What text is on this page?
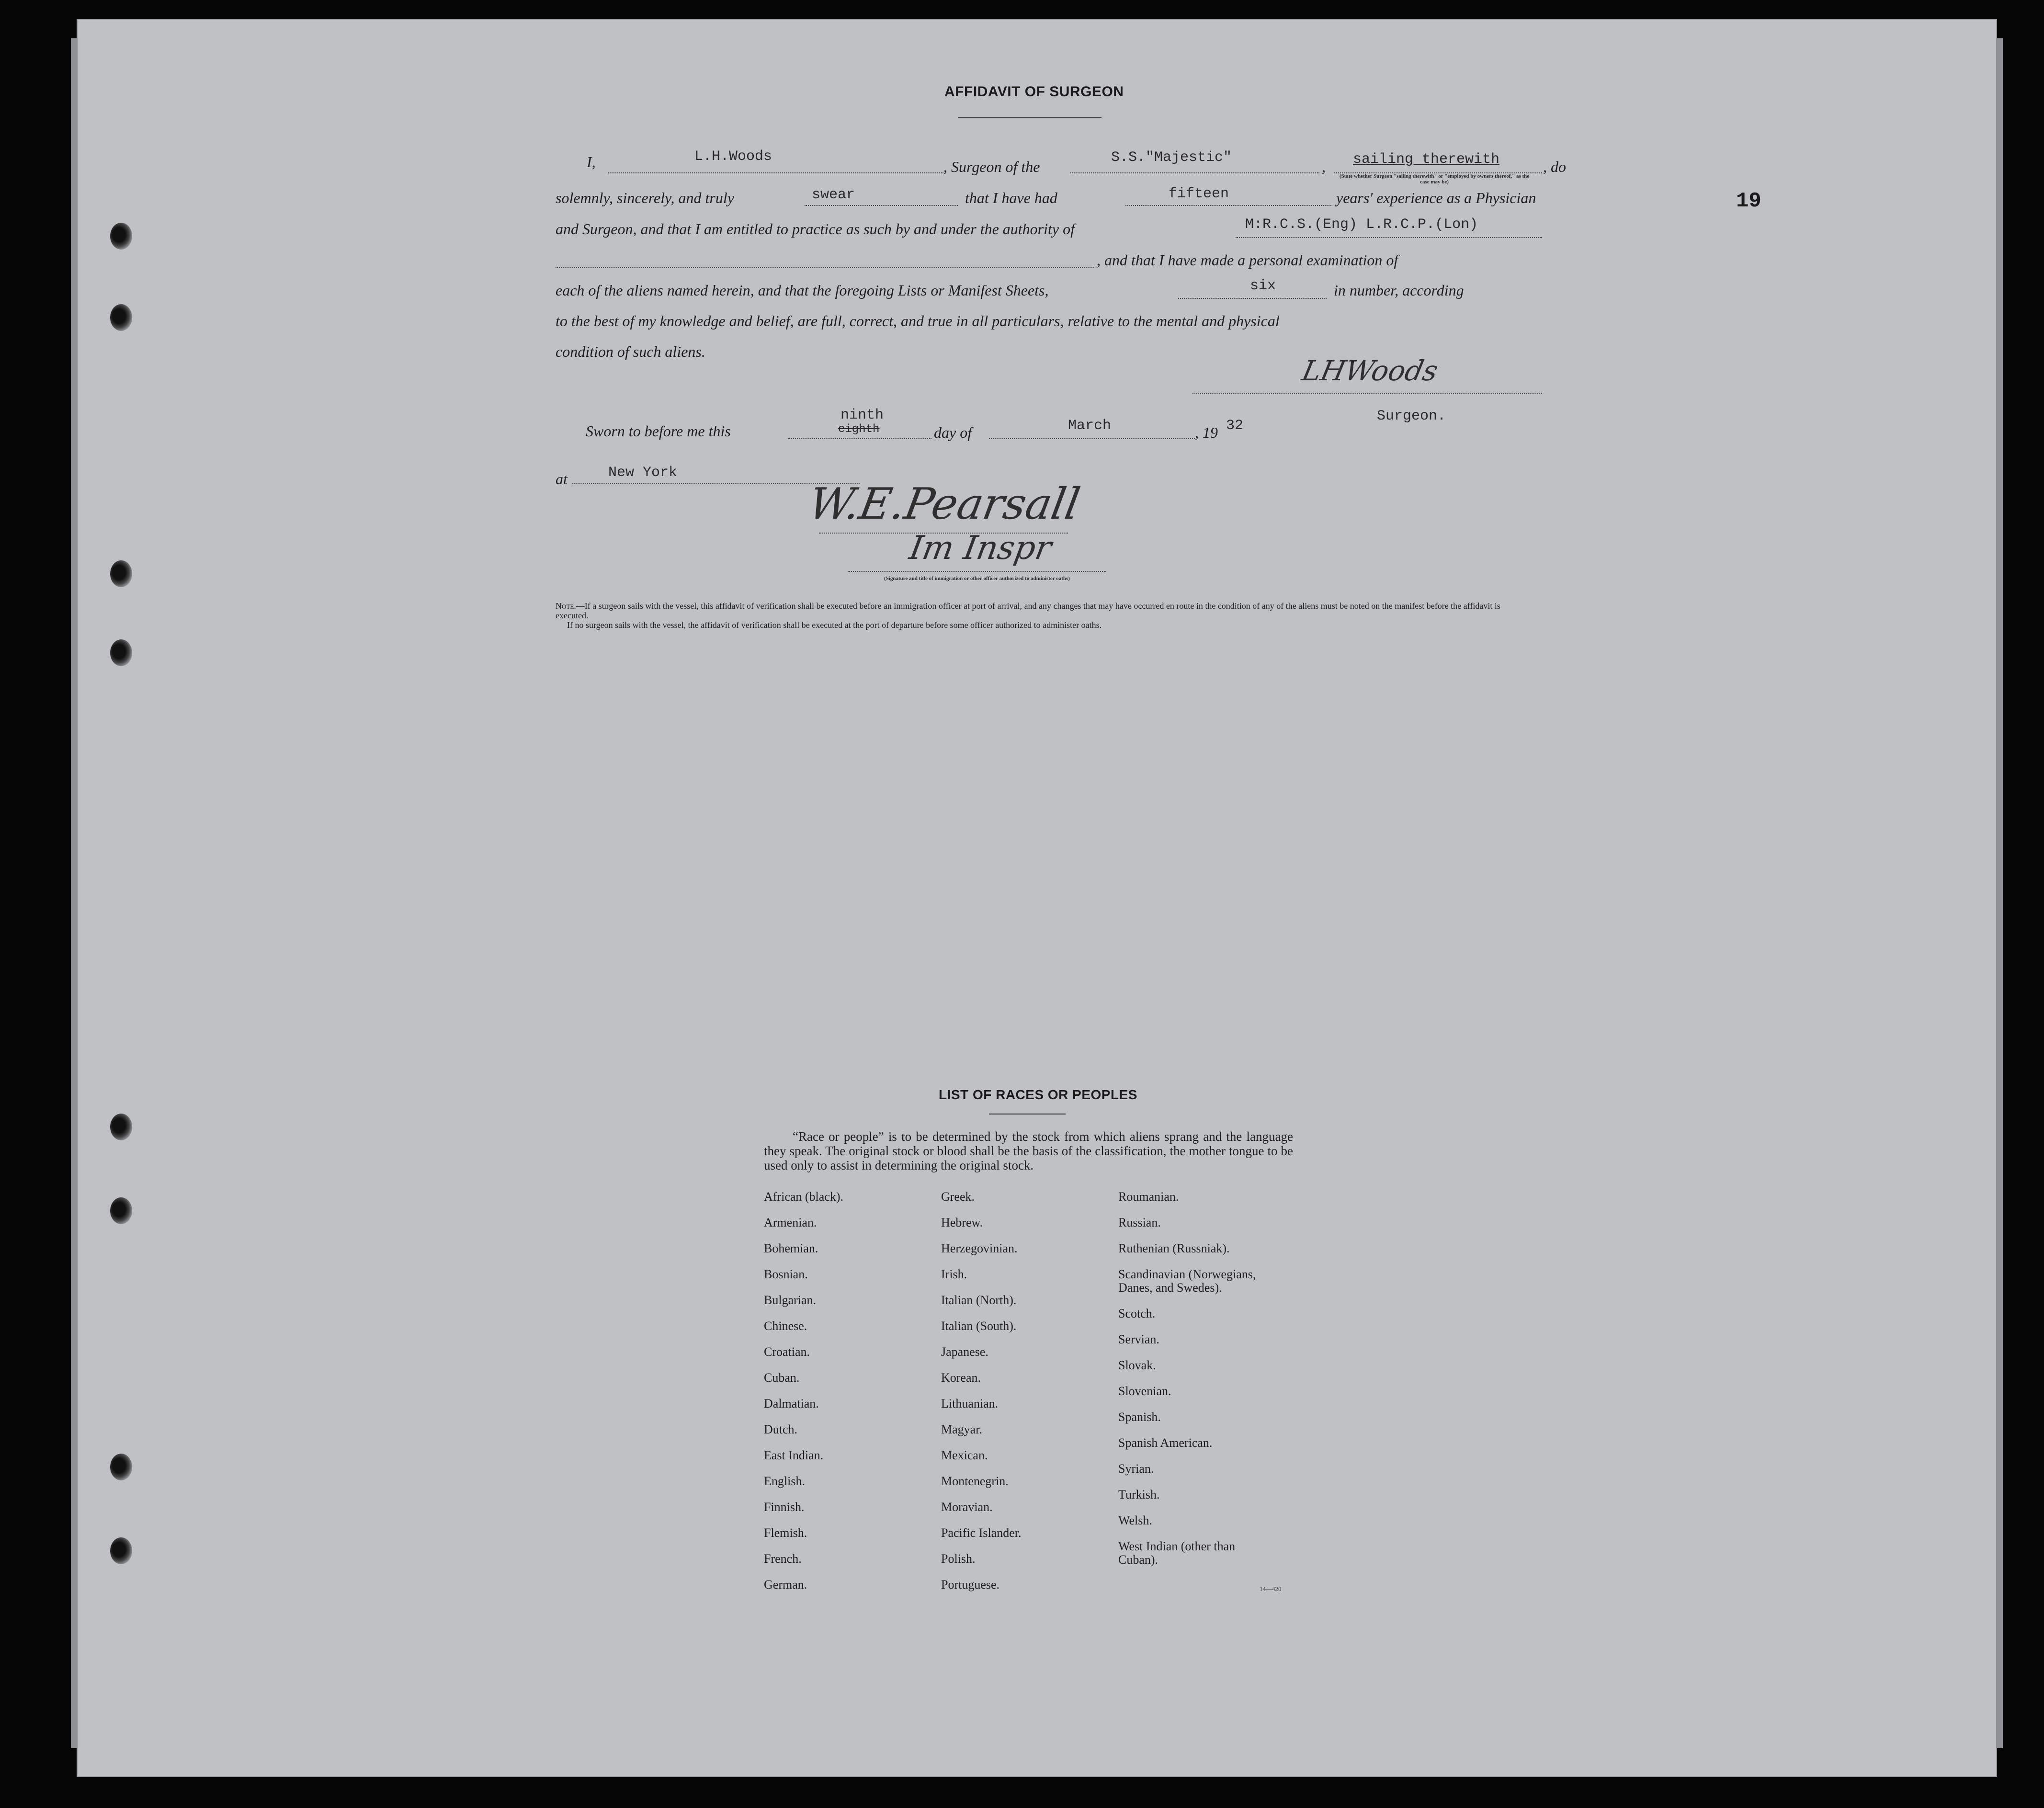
19
AFFIDAVIT OF SURGEON
I,	L.H.Woods
, Surgeon of the
S.S."Majestic"
, sailing therewith	, do
(State whether Surgeon "sailing therewith" or "employed by owners thereof," as the case may be)
solemnly, sincerely, and truly	swear	that I have had	fifteen	years' experience as a Physician
and Surgeon, and that I am entitled to practice as such by and under the authority of	M:R.C.S.(Eng) L.R.C.P.(Lon)
, and that I have made a personal examination of
each of the aliens named herein, and that the foregoing Lists or Manifest Sheets,	six	in number, according
to the best of my knowledge and belief, are full, correct, and true in all particulars, relative to the mental and physical
condition of such aliens.
LHWoods
Surgeon.
Sworn to before me this
ninth
eighth	day of	March	, 19 32
at	New York
W.E.Pearsall
Im Inspr
(Signature and title of immigration or other officer authorized to administer oaths)
Note.—If a surgeon sails with the vessel, this affidavit of verification shall be executed before an immigration officer at port of arrival, and any changes that may have occurred en route in the condition of any of the aliens must be noted on the manifest before the affidavit is executed.
If no surgeon sails with the vessel, the affidavit of verification shall be executed at the port of departure before some officer authorized to administer oaths.
LIST OF RACES OR PEOPLES
“Race or people” is to be determined by the stock from which aliens sprang and the language they speak. The original stock or blood shall be the basis of the classification, the mother tongue to be used only to assist in determining the original stock.
African (black).
Armenian.
Bohemian.
Bosnian.
Bulgarian.
Chinese.
Croatian.
Cuban.
Dalmatian.
Dutch.
East Indian.
English.
Finnish.
Flemish.
French.
German.
Greek.
Hebrew.
Herzegovinian.
Irish.
Italian (North).
Italian (South).
Japanese.
Korean.
Lithuanian.
Magyar.
Mexican.
Montenegrin.
Moravian.
Pacific Islander.
Polish.
Portuguese.
Roumanian.
Russian.
Ruthenian (Russniak).
Scandinavian (Norwegians,
Danes, and Swedes).
Scotch.
Servian.
Slovak.
Slovenian.
Spanish.
Spanish American.
Syrian.
Turkish.
Welsh.
West Indian (other than
Cuban).
14—420
